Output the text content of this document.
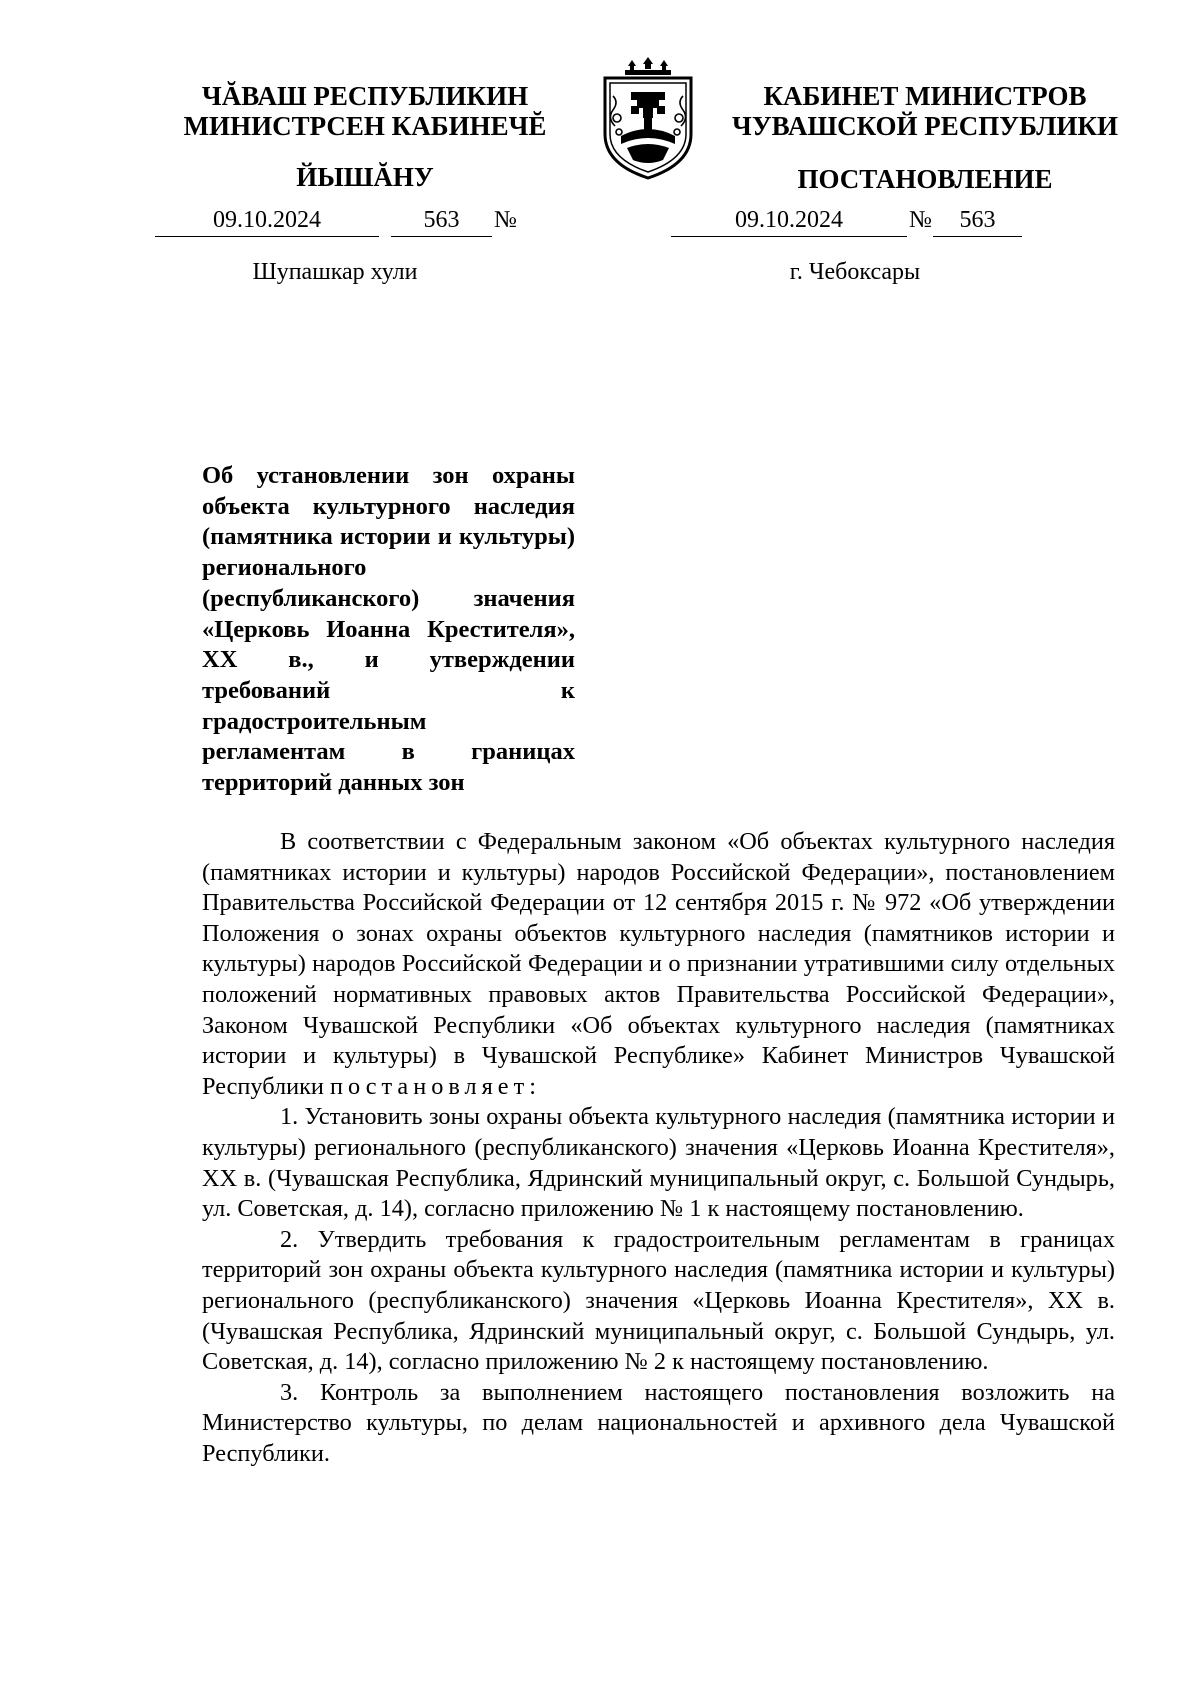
ЧĂВАШ РЕСПУБЛИКИН
МИНИСТРСЕН КАБИНЕЧĔ
ЙЫШĂНУ
КАБИНЕТ МИНИСТРОВ
ЧУВАШСКОЙ РЕСПУБЛИКИ
ПОСТАНОВЛЕНИЕ
09.10.2024	563	№	09.10.2024	№	563
Шупашкар хули	г. Чебоксары
Об установлении зон охраны объекта культурного наследия (памятника истории и культуры) регионального (республиканского) значения «Церковь Иоанна Крестителя», XX в., и утверждении требований к градостроительным регламентам в границах территорий данных зон

В соответствии с Федеральным законом «Об объектах культурного наследия (памятниках истории и культуры) народов Российской Федерации», постановлением Правительства Российской Федерации от 12 сентября 2015 г. № 972 «Об утверждении Положения о зонах охраны объектов культурного наследия (памятников истории и культуры) народов Российской Федерации и о признании утратившими силу отдельных положений нормативных правовых актов Правительства Российской Федерации», Законом Чувашской Республики «Об объектах культурного наследия (памятниках истории и культуры) в Чувашской Республике» Кабинет Министров Чувашской Республики постановляет:

1. Установить зоны охраны объекта культурного наследия (памятника истории и культуры) регионального (республиканского) значения «Церковь Иоанна Крестителя», XX в. (Чувашская Республика, Ядринский муниципальный округ, с. Большой Сундырь, ул. Советская, д. 14), согласно приложению № 1 к настоящему постановлению.

2. Утвердить требования к градостроительным регламентам в границах территорий зон охраны объекта культурного наследия (памятника истории и культуры) регионального (республиканского) значения «Церковь Иоанна Крестителя», XX в. (Чувашская Республика, Ядринский муниципальный округ, с. Большой Сундырь, ул. Советская, д. 14), согласно приложению № 2 к настоящему постановлению.

3. Контроль за выполнением настоящего постановления возложить на Министерство культуры, по делам национальностей и архивного дела Чувашской Республики.
